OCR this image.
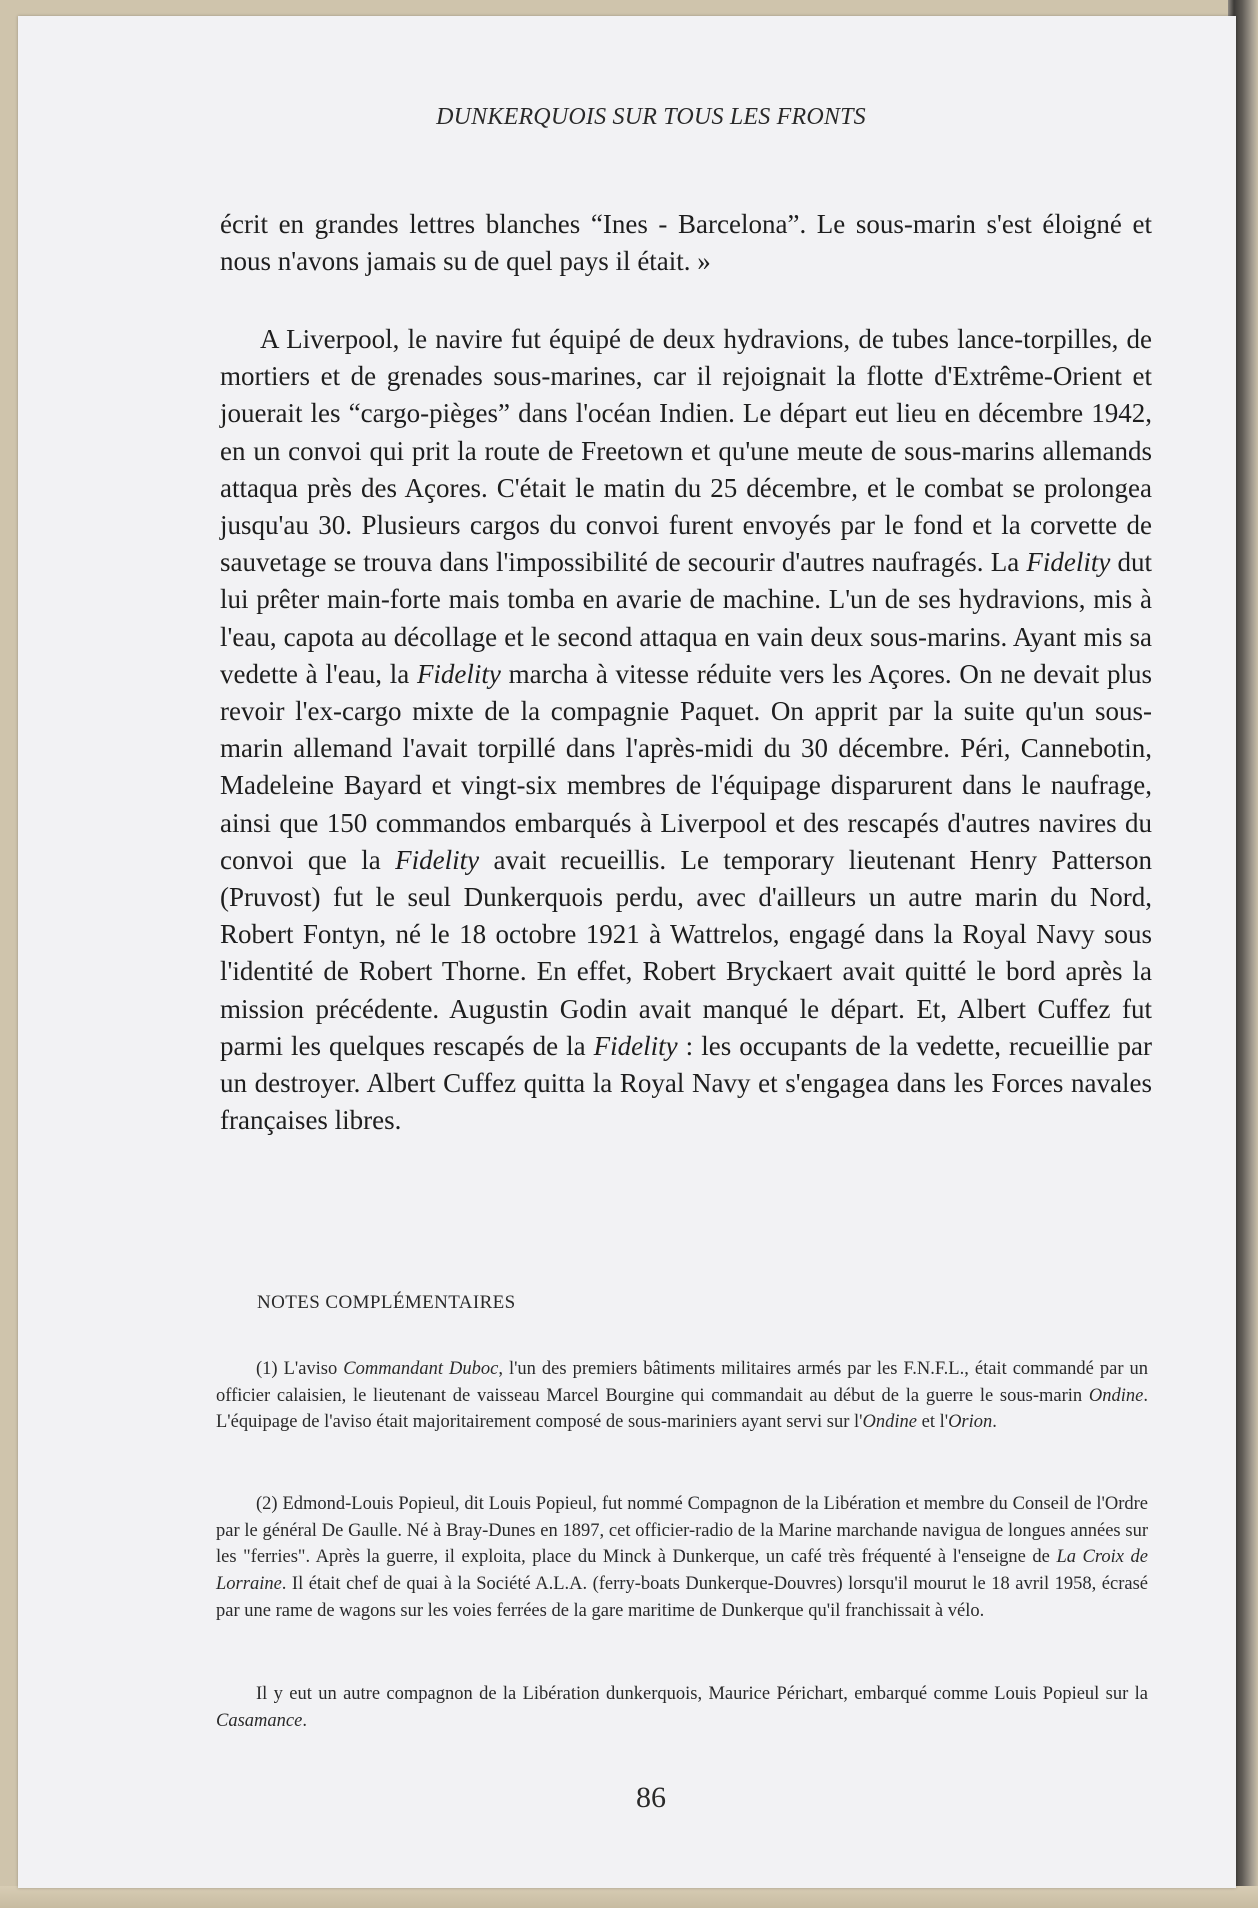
DUNKERQUOIS SUR TOUS LES FRONTS

écrit en grandes lettres blanches “Ines - Barcelona”. Le sous-marin s'est éloigné et nous n'avons jamais su de quel pays il était. »

A Liverpool, le navire fut équipé de deux hydravions, de tubes lance-torpilles, de mortiers et de grenades sous-marines, car il rejoignait la flotte d'Extrême-Orient et jouerait les “cargo-pièges” dans l'océan Indien. Le départ eut lieu en décembre 1942, en un convoi qui prit la route de Freetown et qu'une meute de sous-marins allemands attaqua près des Açores. C'était le matin du 25 décembre, et le combat se prolongea jusqu'au 30. Plusieurs cargos du convoi furent envoyés par le fond et la corvette de sauvetage se trouva dans l'impossibilité de secourir d'autres naufragés. La Fidelity dut lui prêter main-forte mais tomba en avarie de machine. L'un de ses hydravions, mis à l'eau, capota au décollage et le second attaqua en vain deux sous-marins. Ayant mis sa vedette à l'eau, la Fidelity marcha à vitesse réduite vers les Açores. On ne devait plus revoir l'ex-cargo mixte de la compagnie Paquet. On apprit par la suite qu'un sous-marin allemand l'avait torpillé dans l'après-midi du 30 décembre. Péri, Cannebotin, Madeleine Bayard et vingt-six membres de l'équipage disparurent dans le naufrage, ainsi que 150 commandos embarqués à Liverpool et des rescapés d'autres navires du convoi que la Fidelity avait recueillis. Le temporary lieutenant Henry Patterson (Pruvost) fut le seul Dunkerquois perdu, avec d'ailleurs un autre marin du Nord, Robert Fontyn, né le 18 octobre 1921 à Wattrelos, engagé dans la Royal Navy sous l'identité de Robert Thorne. En effet, Robert Bryckaert avait quitté le bord après la mission précédente. Augustin Godin avait manqué le départ. Et, Albert Cuffez fut parmi les quelques rescapés de la Fidelity : les occupants de la vedette, recueillie par un destroyer. Albert Cuffez quitta la Royal Navy et s'engagea dans les Forces navales françaises libres.

NOTES COMPLÉMENTAIRES

(1) L'aviso Commandant Duboc, l'un des premiers bâtiments militaires armés par les F.N.F.L., était commandé par un officier calaisien, le lieutenant de vaisseau Marcel Bourgine qui commandait au début de la guerre le sous-marin Ondine. L'équipage de l'aviso était majoritairement composé de sous-mariniers ayant servi sur l'Ondine et l'Orion.

(2) Edmond-Louis Popieul, dit Louis Popieul, fut nommé Compagnon de la Libération et membre du Conseil de l'Ordre par le général De Gaulle. Né à Bray-Dunes en 1897, cet officier-radio de la Marine marchande navigua de longues années sur les "ferries". Après la guerre, il exploita, place du Minck à Dunkerque, un café très fréquenté à l'enseigne de La Croix de Lorraine. Il était chef de quai à la Société A.L.A. (ferry-boats Dunkerque-Douvres) lorsqu'il mourut le 18 avril 1958, écrasé par une rame de wagons sur les voies ferrées de la gare maritime de Dunkerque qu'il franchissait à vélo.

Il y eut un autre compagnon de la Libération dunkerquois, Maurice Périchart, embarqué comme Louis Popieul sur la Casamance.

86
